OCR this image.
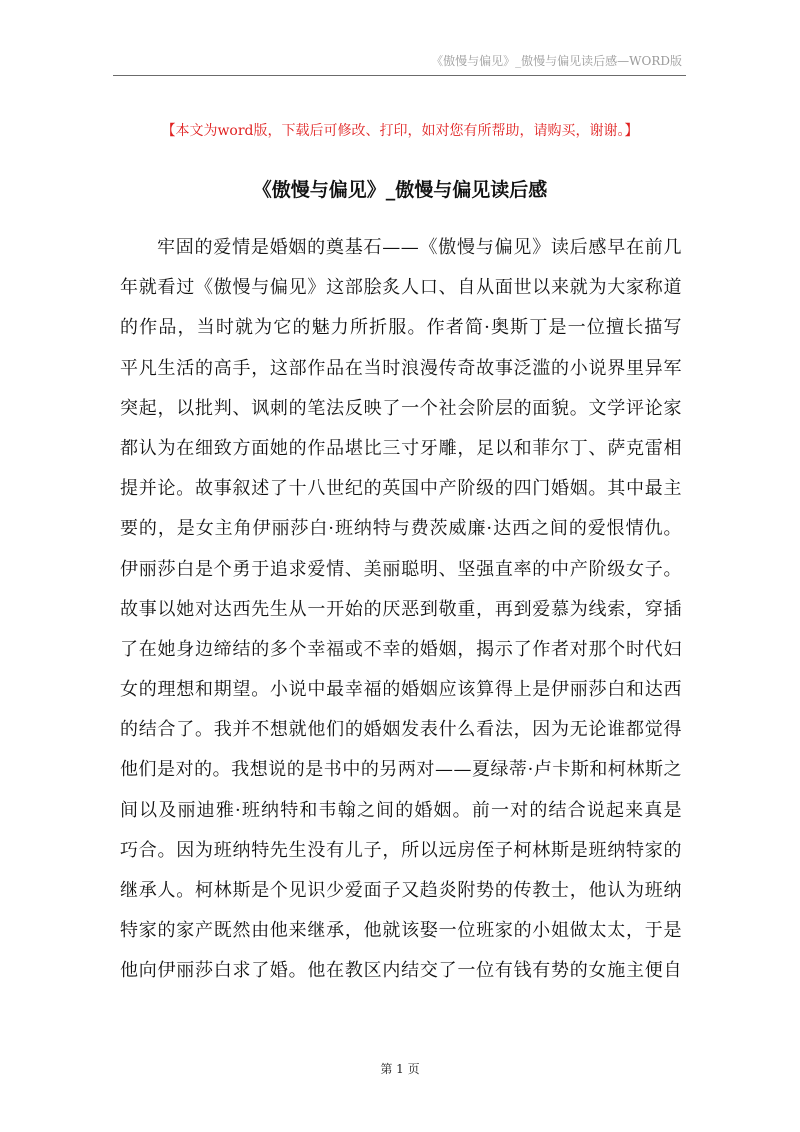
《傲慢与偏见》_傲慢与偏见读后感—WORD版
【本文为word版，下载后可修改、打印，如对您有所帮助，请购买，谢谢。】
《傲慢与偏见》_傲慢与偏见读后感
牢固的爱情是婚姻的奠基石——《傲慢与偏见》读后感早在前几
年就看过《傲慢与偏见》这部脍炙人口、自从面世以来就为大家称道
的作品，当时就为它的魅力所折服。作者简·奥斯丁是一位擅长描写
平凡生活的高手，这部作品在当时浪漫传奇故事泛滥的小说界里异军
突起，以批判、讽刺的笔法反映了一个社会阶层的面貌。文学评论家
都认为在细致方面她的作品堪比三寸牙雕，足以和菲尔丁、萨克雷相
提并论。故事叙述了十八世纪的英国中产阶级的四门婚姻。其中最主
要的，是女主角伊丽莎白·班纳特与费茨威廉·达西之间的爱恨情仇。
伊丽莎白是个勇于追求爱情、美丽聪明、坚强直率的中产阶级女子。
故事以她对达西先生从一开始的厌恶到敬重，再到爱慕为线索，穿插
了在她身边缔结的多个幸福或不幸的婚姻，揭示了作者对那个时代妇
女的理想和期望。小说中最幸福的婚姻应该算得上是伊丽莎白和达西
的结合了。我并不想就他们的婚姻发表什么看法，因为无论谁都觉得
他们是对的。我想说的是书中的另两对——夏绿蒂·卢卡斯和柯林斯之
间以及丽迪雅·班纳特和韦翰之间的婚姻。前一对的结合说起来真是
巧合。因为班纳特先生没有儿子，所以远房侄子柯林斯是班纳特家的
继承人。柯林斯是个见识少爱面子又趋炎附势的传教士，他认为班纳
特家的家产既然由他来继承，他就该娶一位班家的小姐做太太，于是
他向伊丽莎白求了婚。他在教区内结交了一位有钱有势的女施主便自
第 1 页
